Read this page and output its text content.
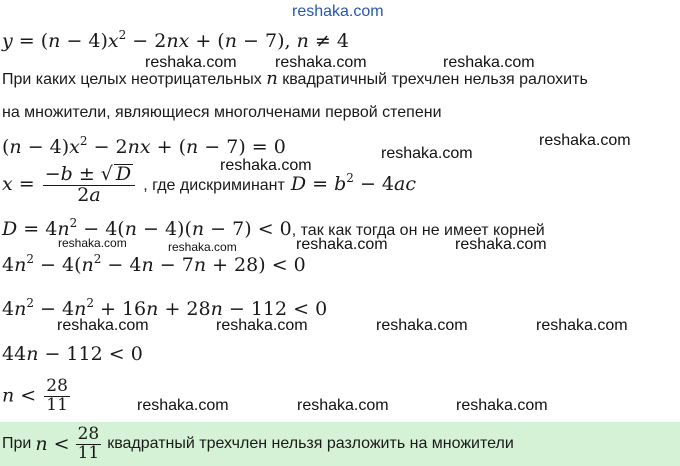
reshaka.com
$y = (n - 4)x^2 - 2nx + (n - 7)$, n ≠ 4
reshaka.com reshaka.com	reshaka.com
При каких целых неотрицательных n квадратичный трехчлен нельзя ралохить
на множители, являющиеся многолченами первой степени
$(n - 4)x^2 - 2nx + (n - 7) = 0$	reshaka.com
reshaka.com
reshaka.com
$x = \frac{-b \pm √ D}{2a}$ , где дискриминант $D = b^2 - 4ac$
$D = 4n^2 - 4(n - 4)(n - 7) < 0$, так как тогда он не имеет корней
reshaka.com	reshaka.com	reshaka.com	reshaka.com
$4n^2 - 4(n^2 - 4n - 7n + 28) < 0$
$4n^2 - 4n^2 + 16n + 28n - 112 < 0$
reshaka.com	reshaka.com	reshaka.com	reshaka.com
44n − 112 < 0
$n < \frac{28}{11}$	reshaka.com	reshaka.com	reshaka.com
При $n < \frac{28}{11}$ квадратный трехчлен нельзя разложить на множители
